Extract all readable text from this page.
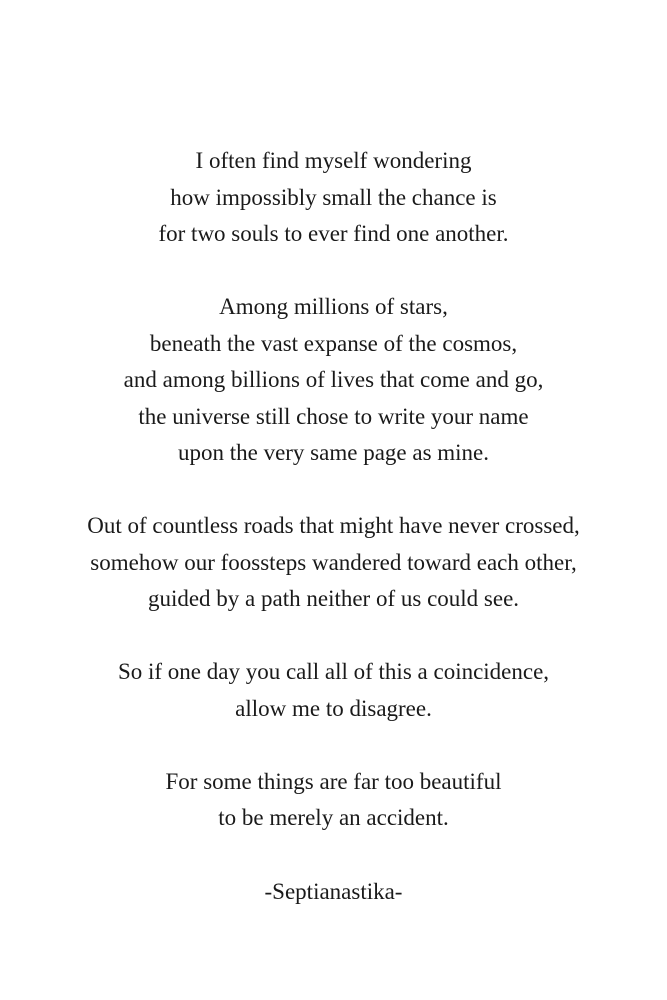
I often find myself wondering
how impossibly small the chance is
for two souls to ever find one another.

Among millions of stars,
beneath the vast expanse of the cosmos,
and among billions of lives that come and go,
the universe still chose to write your name
upon the very same page as mine.

Out of countless roads that might have never crossed,
somehow our foossteps wandered toward each other,
guided by a path neither of us could see.

So if one day you call all of this a coincidence,
allow me to disagree.

For some things are far too beautiful
to be merely an accident.

-Septianastika-
